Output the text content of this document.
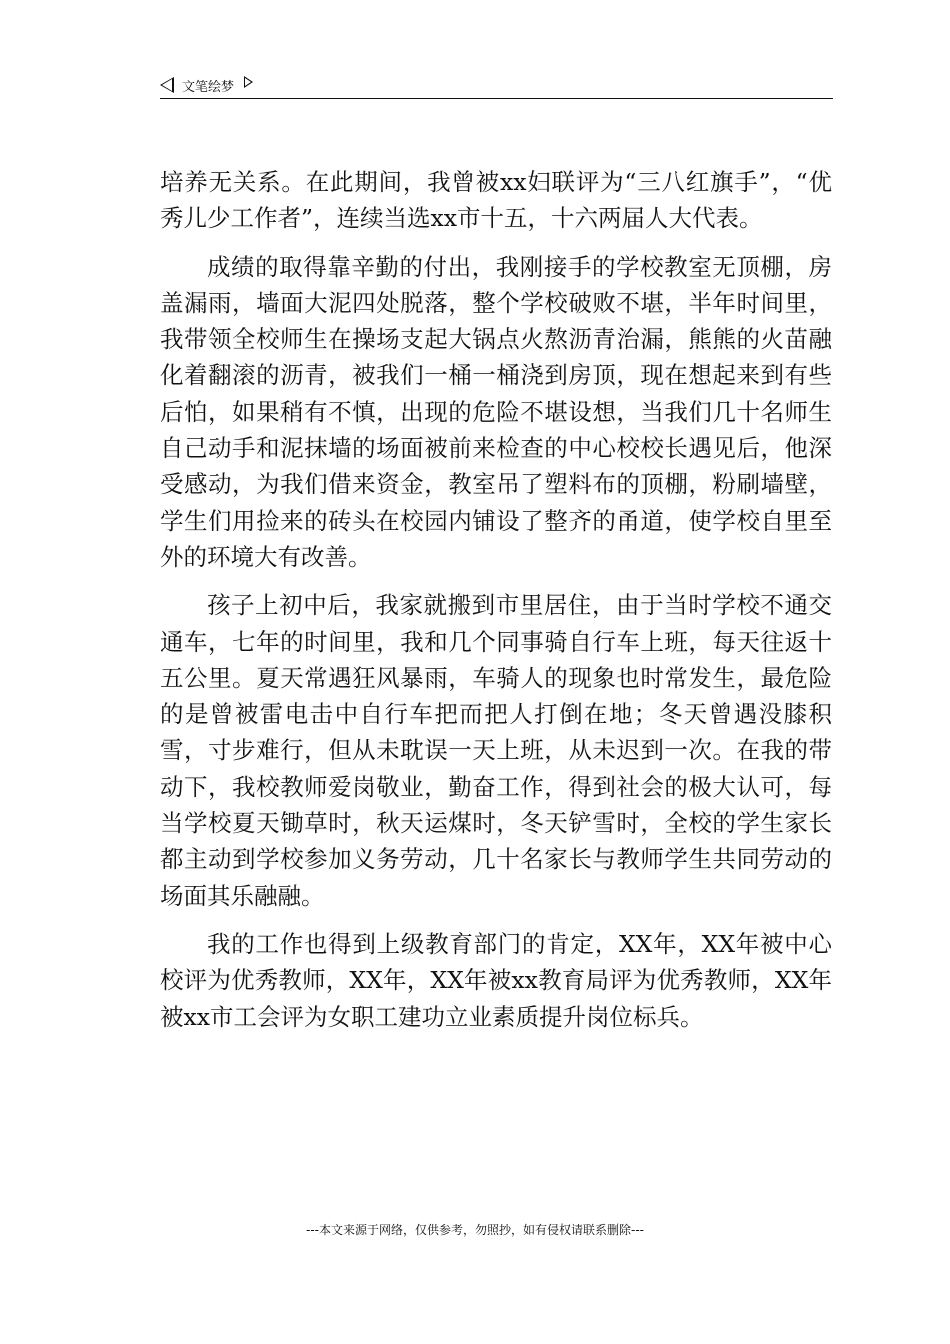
文笔绘梦

培养无关系。在此期间，我曾被xx妇联评为“三八红旗手”，“优秀儿少工作者”，连续当选xx市十五，十六两届人大代表。

成绩的取得靠辛勤的付出，我刚接手的学校教室无顶棚，房盖漏雨，墙面大泥四处脱落，整个学校破败不堪，半年时间里，我带领全校师生在操场支起大锅点火熬沥青治漏，熊熊的火苗融化着翻滚的沥青，被我们一桶一桶浇到房顶，现在想起来到有些后怕，如果稍有不慎，出现的危险不堪设想，当我们几十名师生自己动手和泥抹墙的场面被前来检查的中心校校长遇见后，他深受感动，为我们借来资金，教室吊了塑料布的顶棚，粉刷墙壁，学生们用捡来的砖头在校园内铺设了整齐的甬道，使学校自里至外的环境大有改善。

孩子上初中后，我家就搬到市里居住，由于当时学校不通交通车，七年的时间里，我和几个同事骑自行车上班，每天往返十五公里。夏天常遇狂风暴雨，车骑人的现象也时常发生，最危险的是曾被雷电击中自行车把而把人打倒在地；冬天曾遇没膝积雪，寸步难行，但从未耽误一天上班，从未迟到一次。在我的带动下，我校教师爱岗敬业，勤奋工作，得到社会的极大认可，每当学校夏天锄草时，秋天运煤时，冬天铲雪时，全校的学生家长都主动到学校参加义务劳动，几十名家长与教师学生共同劳动的场面其乐融融。

我的工作也得到上级教育部门的肯定，XX年，XX年被中心校评为优秀教师，XX年，XX年被xx教育局评为优秀教师，XX年被xx市工会评为女职工建功立业素质提升岗位标兵。

---本文来源于网络，仅供参考，勿照抄，如有侵权请联系删除---
